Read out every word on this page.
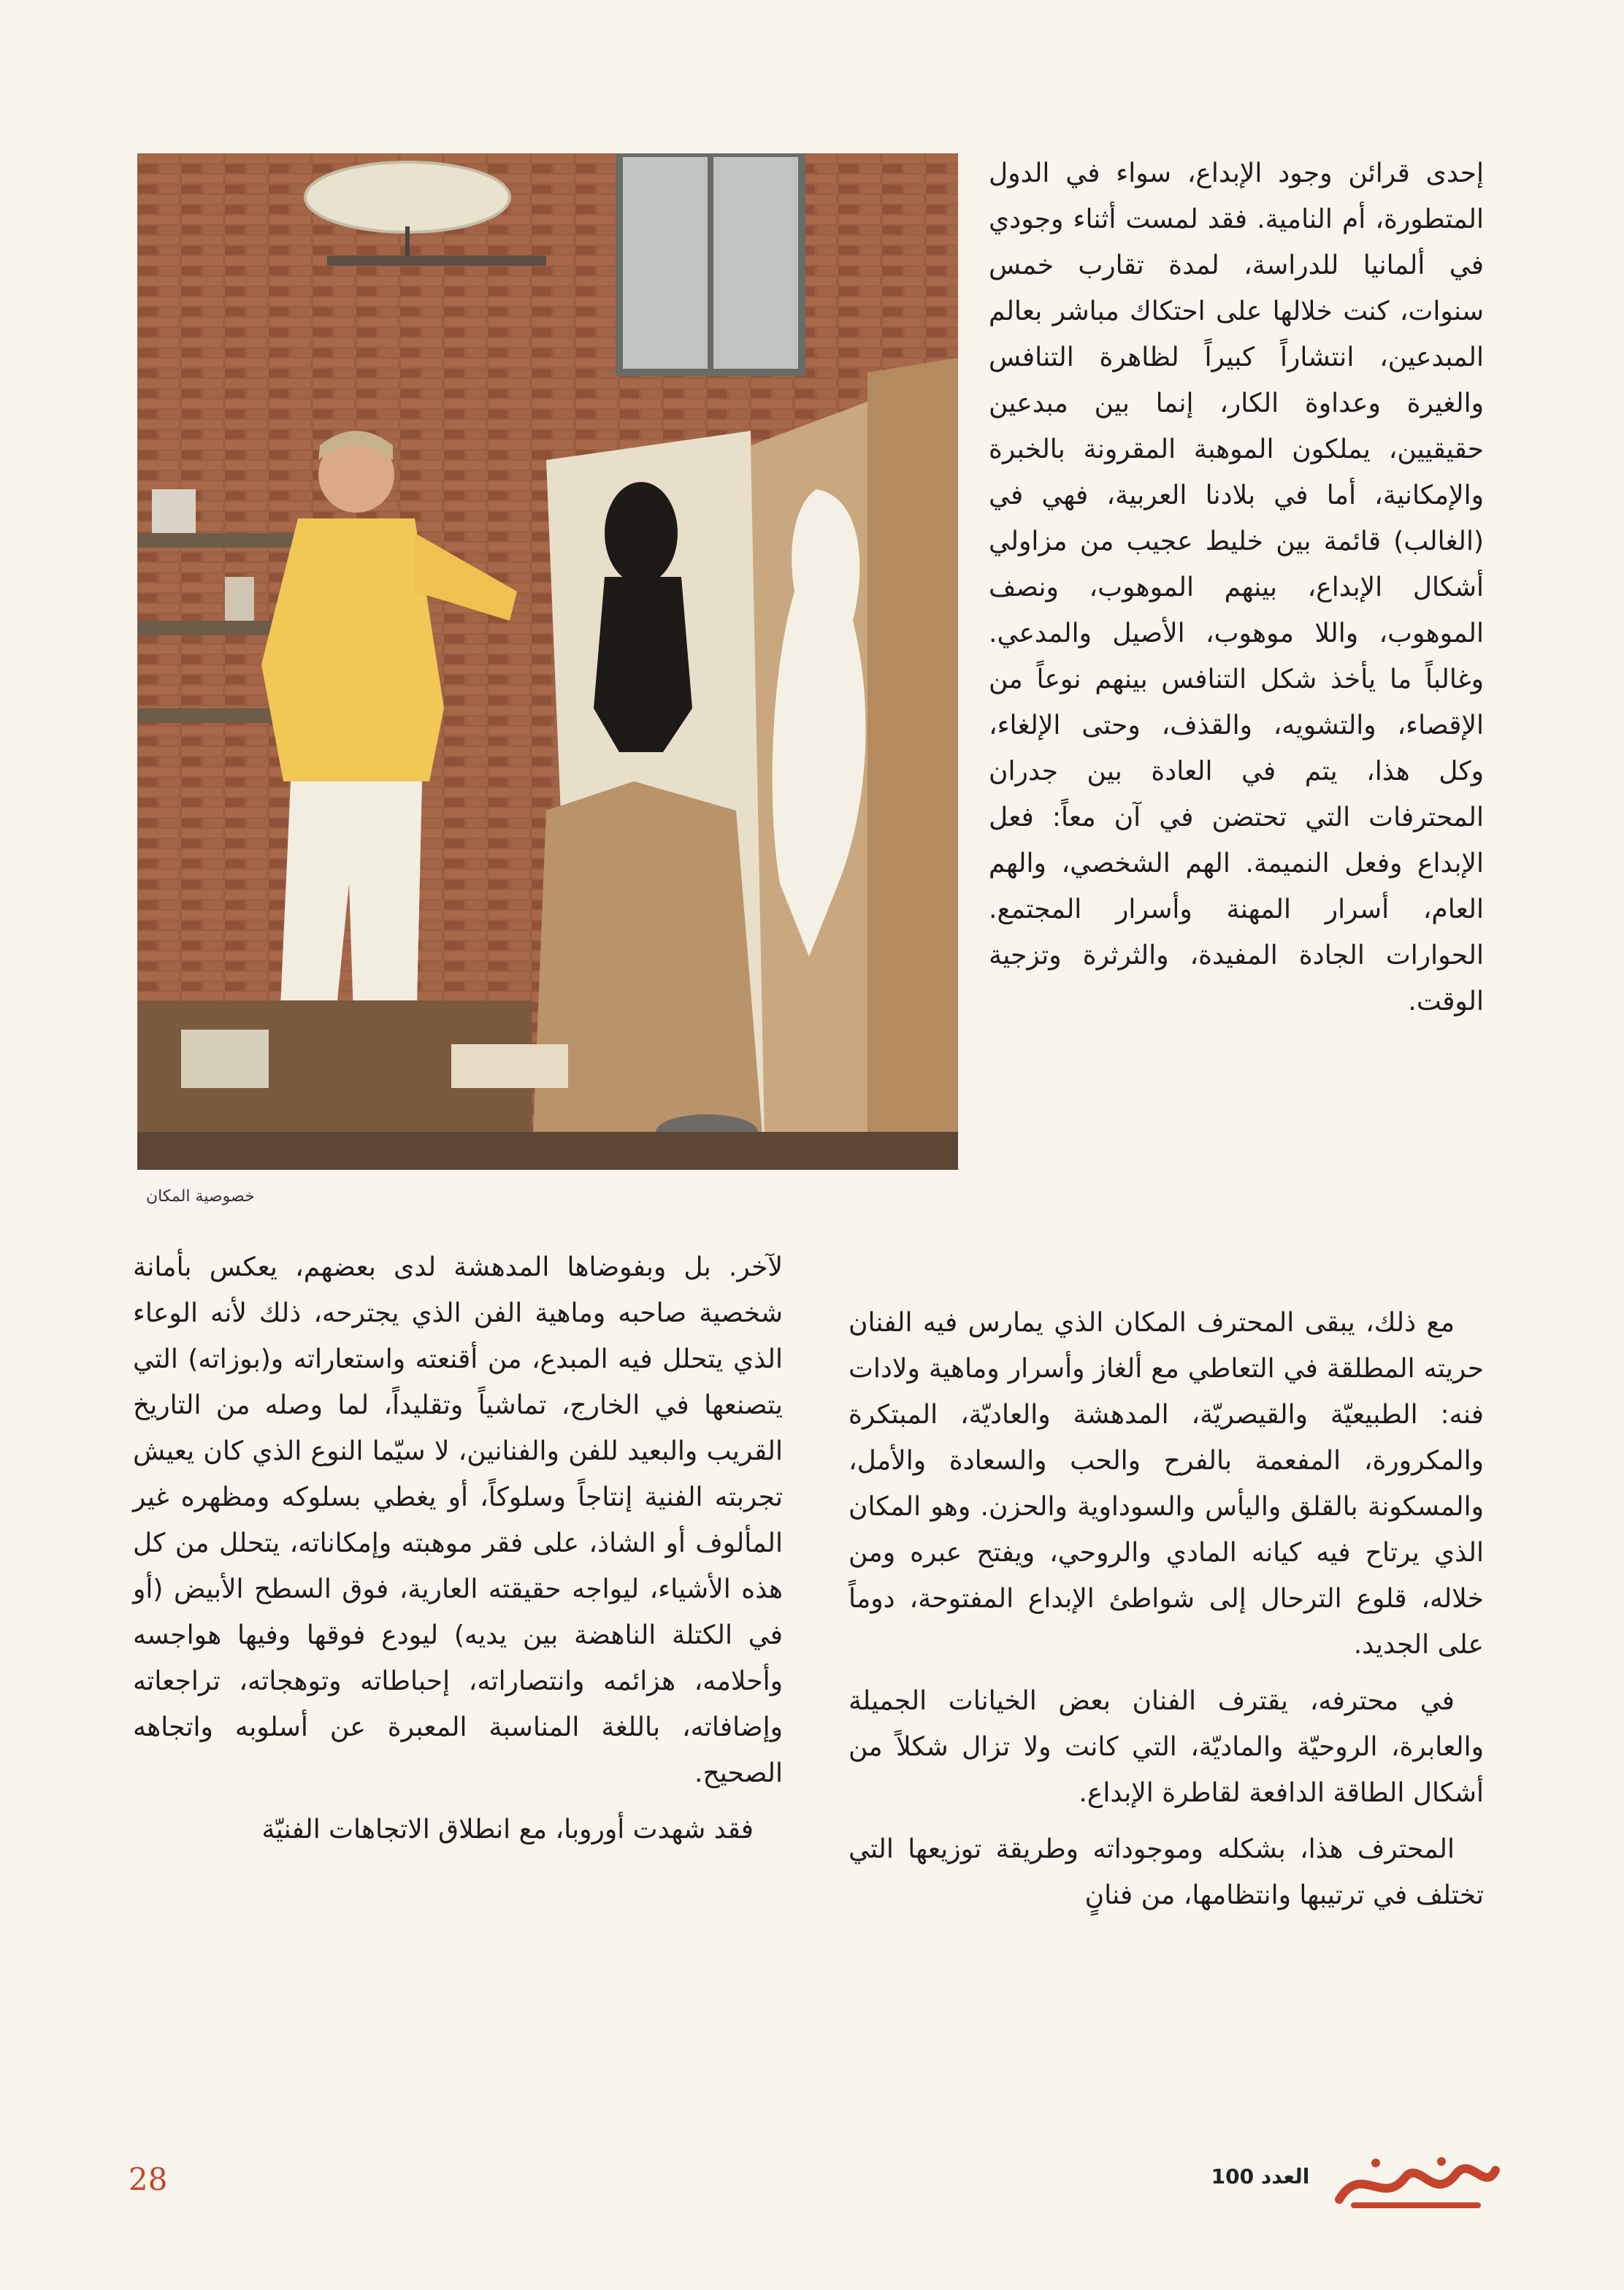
خصوصية المكان

إحدى قرائن وجود الإبداع، سواء في الدول المتطورة، أم النامية. فقد لمست أثناء وجودي في ألمانيا للدراسة، لمدة تقارب خمس سنوات، كنت خلالها على احتكاك مباشر بعالم المبدعين، انتشاراً كبيراً لظاهرة التنافس والغيرة وعداوة الكار، إنما بين مبدعين حقيقيين، يملكون الموهبة المقرونة بالخبرة والإمكانية، أما في بلادنا العربية، فهي في (الغالب) قائمة بين خليط عجيب من مزاولي أشكال الإبداع، بينهم الموهوب، ونصف الموهوب، واللا موهوب، الأصيل والمدعي. وغالباً ما يأخذ شكل التنافس بينهم نوعاً من الإقصاء، والتشويه، والقذف، وحتى الإلغاء، وكل هذا، يتم في العادة بين جدران المحترفات التي تحتضن في آن معاً: فعل الإبداع وفعل النميمة. الهم الشخصي، والهم العام، أسرار المهنة وأسرار المجتمع. الحوارات الجادة المفيدة، والثرثرة وتزجية الوقت.

مع ذلك، يبقى المحترف المكان الذي يمارس فيه الفنان حريته المطلقة في التعاطي مع ألغاز وأسرار وماهية ولادات فنه: الطبيعيّة والقيصريّة، المدهشة والعاديّة، المبتكرة والمكرورة، المفعمة بالفرح والحب والسعادة والأمل، والمسكونة بالقلق واليأس والسوداوية والحزن. وهو المكان الذي يرتاح فيه كيانه المادي والروحي، ويفتح عبره ومن خلاله، قلوع الترحال إلى شواطئ الإبداع المفتوحة، دوماً على الجديد.

في محترفه، يقترف الفنان بعض الخيانات الجميلة والعابرة، الروحيّة والماديّة، التي كانت ولا تزال شكلاً من أشكال الطاقة الدافعة لقاطرة الإبداع.

المحترف هذا، بشكله وموجوداته وطريقة توزيعها التي تختلف في ترتيبها وانتظامها، من فنانٍ

لآخر. بل وبفوضاها المدهشة لدى بعضهم، يعكس بأمانة شخصية صاحبه وماهية الفن الذي يجترحه، ذلك لأنه الوعاء الذي يتحلل فيه المبدع، من أقنعته واستعاراته و(بوزاته) التي يتصنعها في الخارج، تماشياً وتقليداً، لما وصله من التاريخ القريب والبعيد للفن والفنانين، لا سيّما النوع الذي كان يعيش تجربته الفنية إنتاجاً وسلوكاً، أو يغطي بسلوكه ومظهره غير المألوف أو الشاذ، على فقر موهبته وإمكاناته، يتحلل من كل هذه الأشياء، ليواجه حقيقته العارية، فوق السطح الأبيض (أو في الكتلة الناهضة بين يديه) ليودع فوقها وفيها هواجسه وأحلامه، هزائمه وانتصاراته، إحباطاته وتوهجاته، تراجعاته وإضافاته، باللغة المناسبة المعبرة عن أسلوبه واتجاهه الصحيح.

فقد شهدت أوروبا، مع انطلاق الاتجاهات الفنيّة

28	العدد 100
